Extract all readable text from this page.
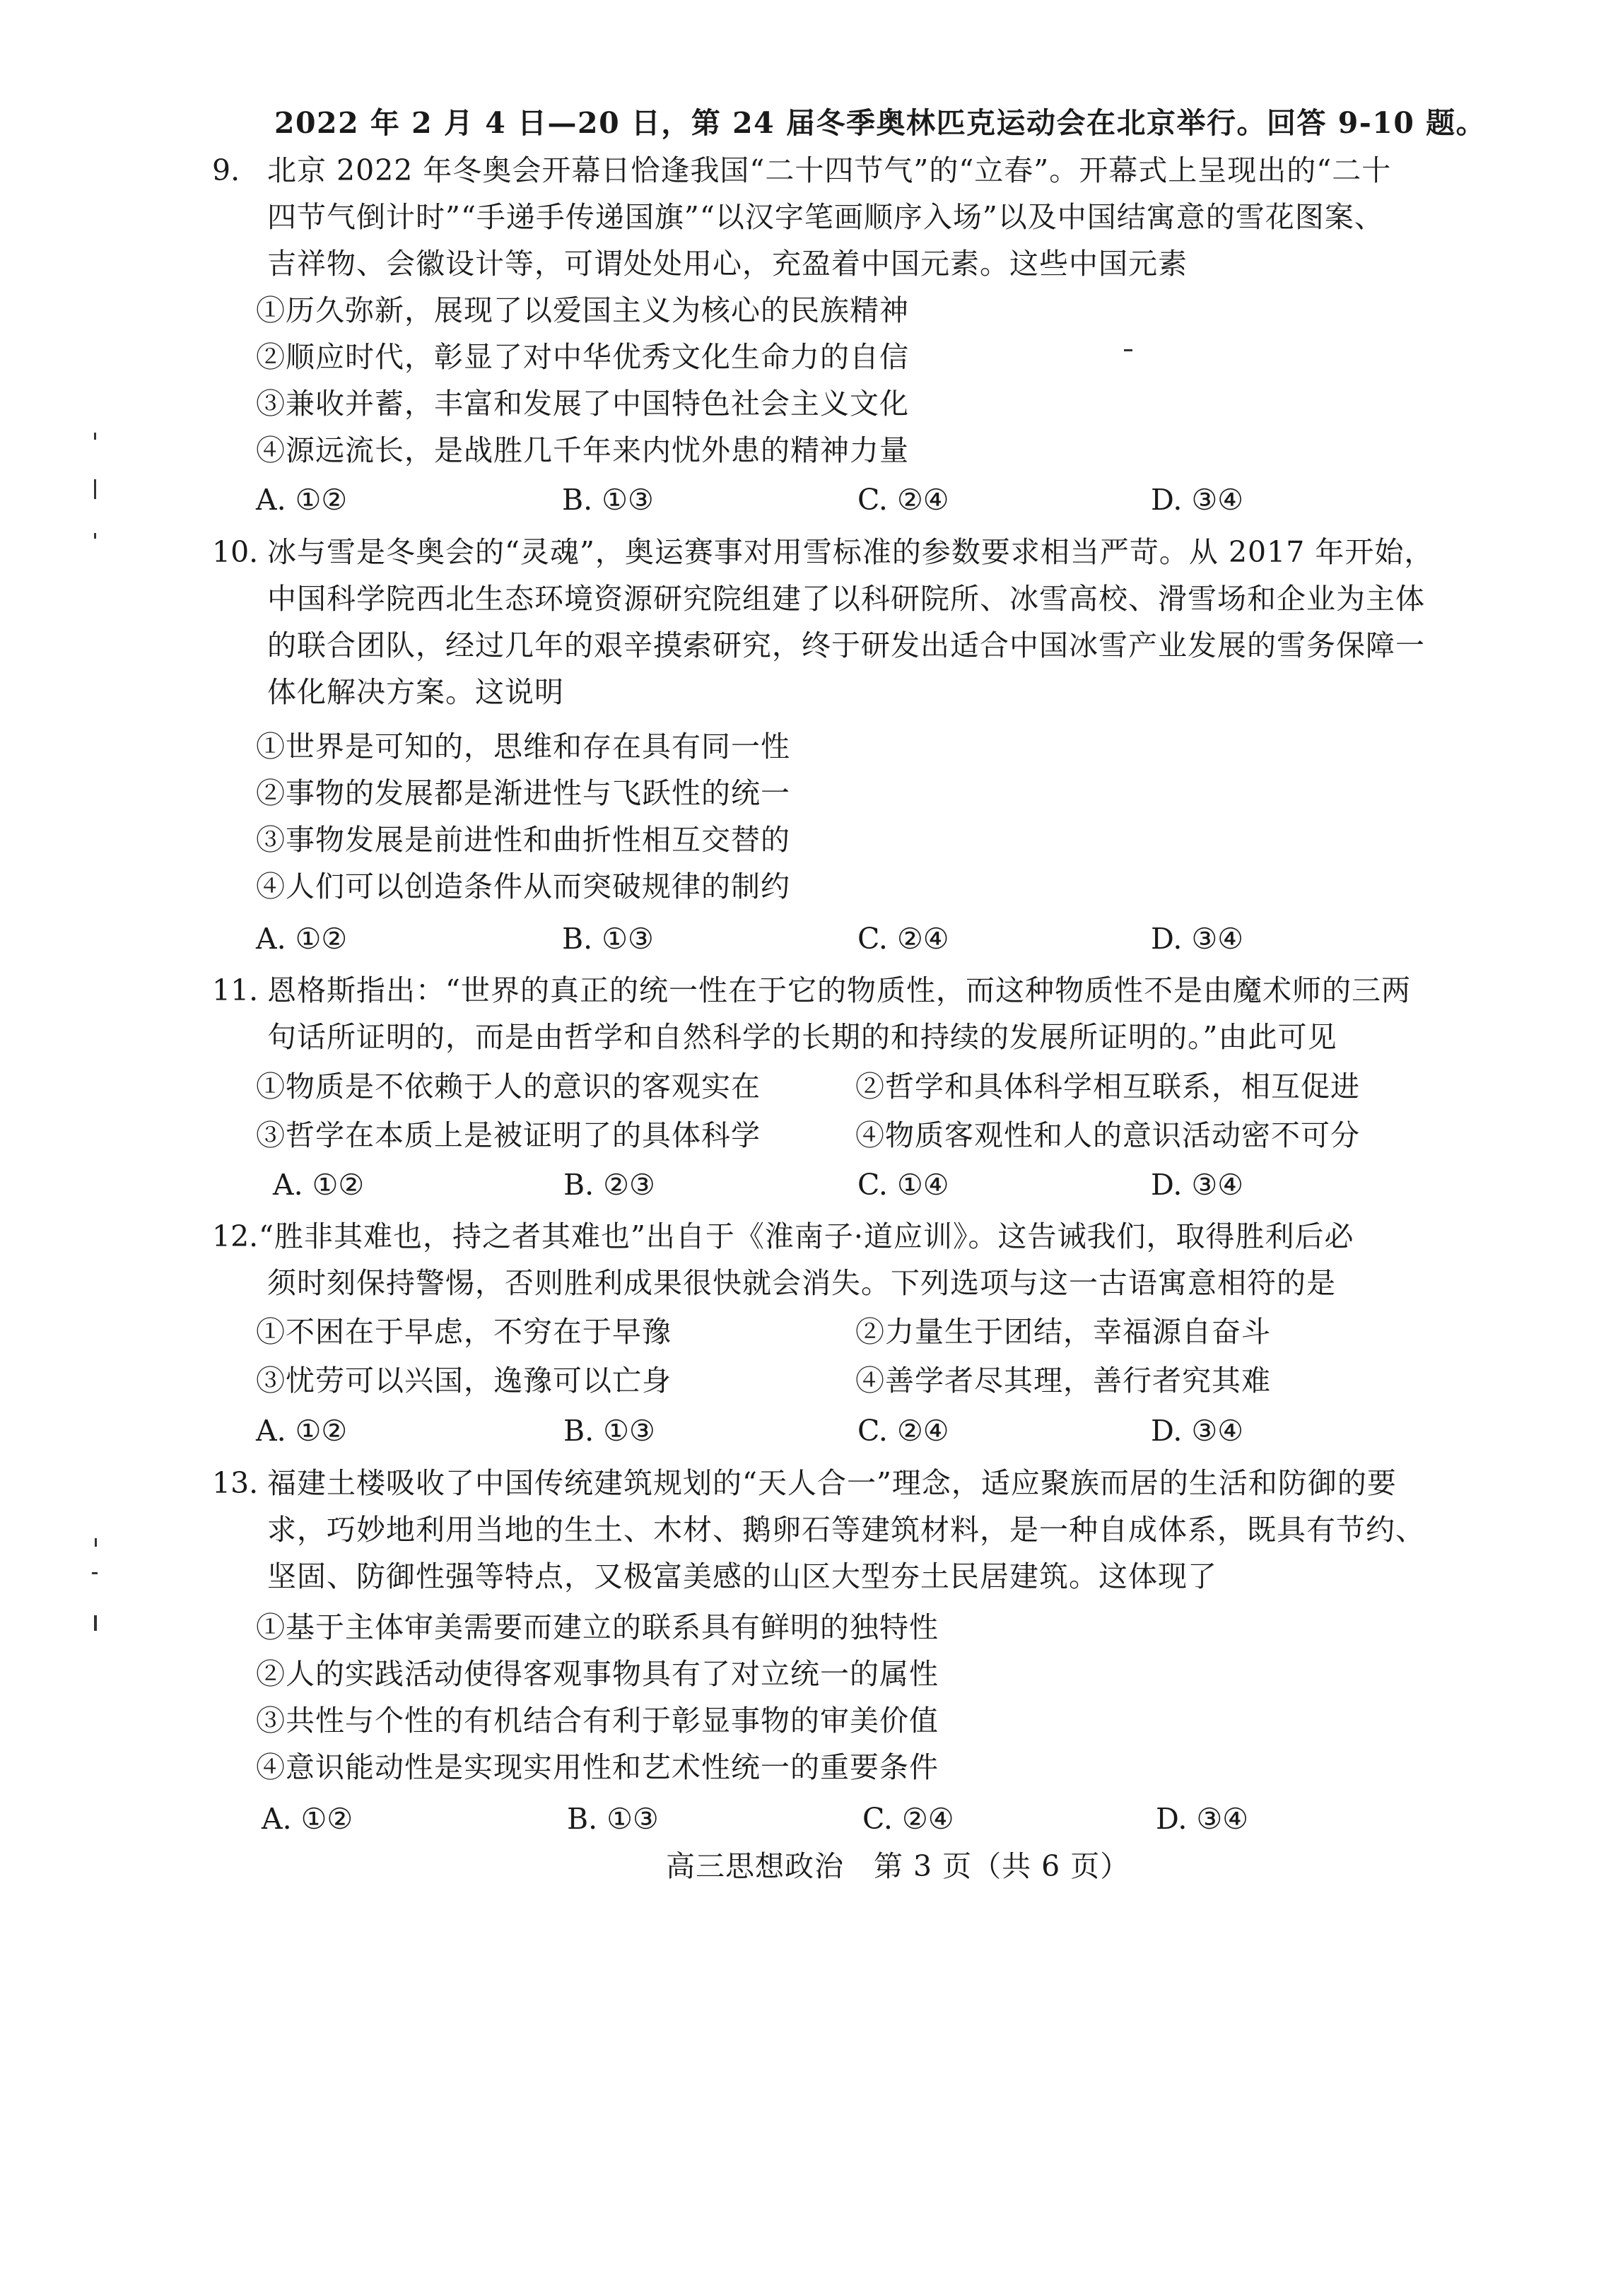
2022 年 2 月 4 日—20 日，第 24 届冬季奥林匹克运动会在北京举行。回答 9-10 题。
9. 北京 2022 年冬奥会开幕日恰逢我国“二十四节气”的“立春”。开幕式上呈现出的“二十
四节气倒计时”“手递手传递国旗”“以汉字笔画顺序入场”以及中国结寓意的雪花图案、
吉祥物、会徽设计等，可谓处处用心，充盈着中国元素。这些中国元素
①历久弥新，展现了以爱国主义为核心的民族精神
②顺应时代，彰显了对中华优秀文化生命力的自信
③兼收并蓄，丰富和发展了中国特色社会主义文化
④源远流长，是战胜几千年来内忧外患的精神力量
A. ①②	B. ①③	C. ②④	D. ③④
10. 冰与雪是冬奥会的“灵魂”，奥运赛事对用雪标准的参数要求相当严苛。从 2017 年开始，
中国科学院西北生态环境资源研究院组建了以科研院所、冰雪高校、滑雪场和企业为主体
的联合团队，经过几年的艰辛摸索研究，终于研发出适合中国冰雪产业发展的雪务保障一
体化解决方案。这说明
①世界是可知的，思维和存在具有同一性
②事物的发展都是渐进性与飞跃性的统一
③事物发展是前进性和曲折性相互交替的
④人们可以创造条件从而突破规律的制约
A. ①②	B. ①③	C. ②④	D. ③④
11. 恩格斯指出：“世界的真正的统一性在于它的物质性，而这种物质性不是由魔术师的三两
句话所证明的，而是由哲学和自然科学的长期的和持续的发展所证明的。”由此可见
①物质是不依赖于人的意识的客观实在	②哲学和具体科学相互联系，相互促进
③哲学在本质上是被证明了的具体科学	④物质客观性和人的意识活动密不可分
A. ①②	B. ②③	C. ①④	D. ③④
12. “胜非其难也，持之者其难也”出自于《淮南子·道应训》。这告诫我们，取得胜利后必
须时刻保持警惕，否则胜利成果很快就会消失。下列选项与这一古语寓意相符的是
①不困在于早虑，不穷在于早豫	②力量生于团结，幸福源自奋斗
③忧劳可以兴国，逸豫可以亡身	④善学者尽其理，善行者究其难
A. ①②	B. ①③	C. ②④	D. ③④
13. 福建土楼吸收了中国传统建筑规划的“天人合一”理念，适应聚族而居的生活和防御的要
求，巧妙地利用当地的生土、木材、鹅卵石等建筑材料，是一种自成体系，既具有节约、
坚固、防御性强等特点，又极富美感的山区大型夯土民居建筑。这体现了
①基于主体审美需要而建立的联系具有鲜明的独特性
②人的实践活动使得客观事物具有了对立统一的属性
③共性与个性的有机结合有利于彰显事物的审美价值
④意识能动性是实现实用性和艺术性统一的重要条件
A. ①②	B. ①③	C. ②④	D. ③④
高三思想政治　第 3 页（共 6 页）
